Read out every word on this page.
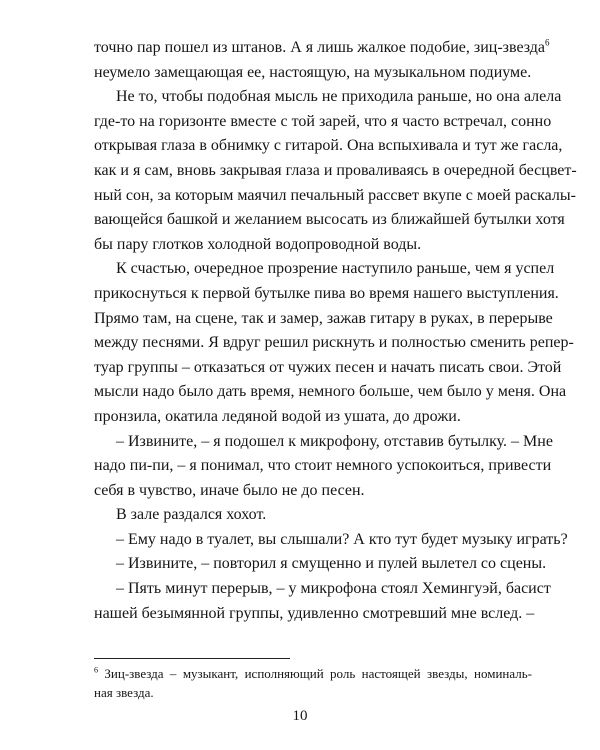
точно пар пошел из штанов. А я лишь жалкое подобие, зиц-звезда$^6$
неумело замещающая ее, настоящую, на музыкальном подиуме.
Не то, чтобы подобная мысль не приходила раньше, но она алела
где-то на горизонте вместе с той зарей, что я часто встречал, сонно
открывая глаза в обнимку с гитарой. Она вспыхивала и тут же гасла,
как и я сам, вновь закрывая глаза и проваливаясь в очередной бесцвет-
ный сон, за которым маячил печальный рассвет вкупе с моей раскалы-
вающейся башкой и желанием высосать из ближайшей бутылки хотя
бы пару глотков холодной водопроводной воды.
К счастью, очередное прозрение наступило раньше, чем я успел
прикоснуться к первой бутылке пива во время нашего выступления.
Прямо там, на сцене, так и замер, зажав гитару в руках, в перерыве
между песнями. Я вдруг решил рискнуть и полностью сменить репер-
туар группы – отказаться от чужих песен и начать писать свои. Этой
мысли надо было дать время, немного больше, чем было у меня. Она
пронзила, окатила ледяной водой из ушата, до дрожи.
– Извините, – я подошел к микрофону, отставив бутылку. – Мне
надо пи-пи, – я понимал, что стоит немного успокоиться, привести
себя в чувство, иначе было не до песен.
В зале раздался хохот.
– Ему надо в туалет, вы слышали? А кто тут будет музыку играть?
– Извините, – повторил я смущенно и пулей вылетел со сцены.
– Пять минут перерыв, – у микрофона стоял Хемингуэй, басист
нашей безымянной группы, удивленно смотревший мне вслед. –
$^6$ Зиц-звезда – музыкант, исполняющий роль настоящей звезды, номиналь-
ная звезда.
10
